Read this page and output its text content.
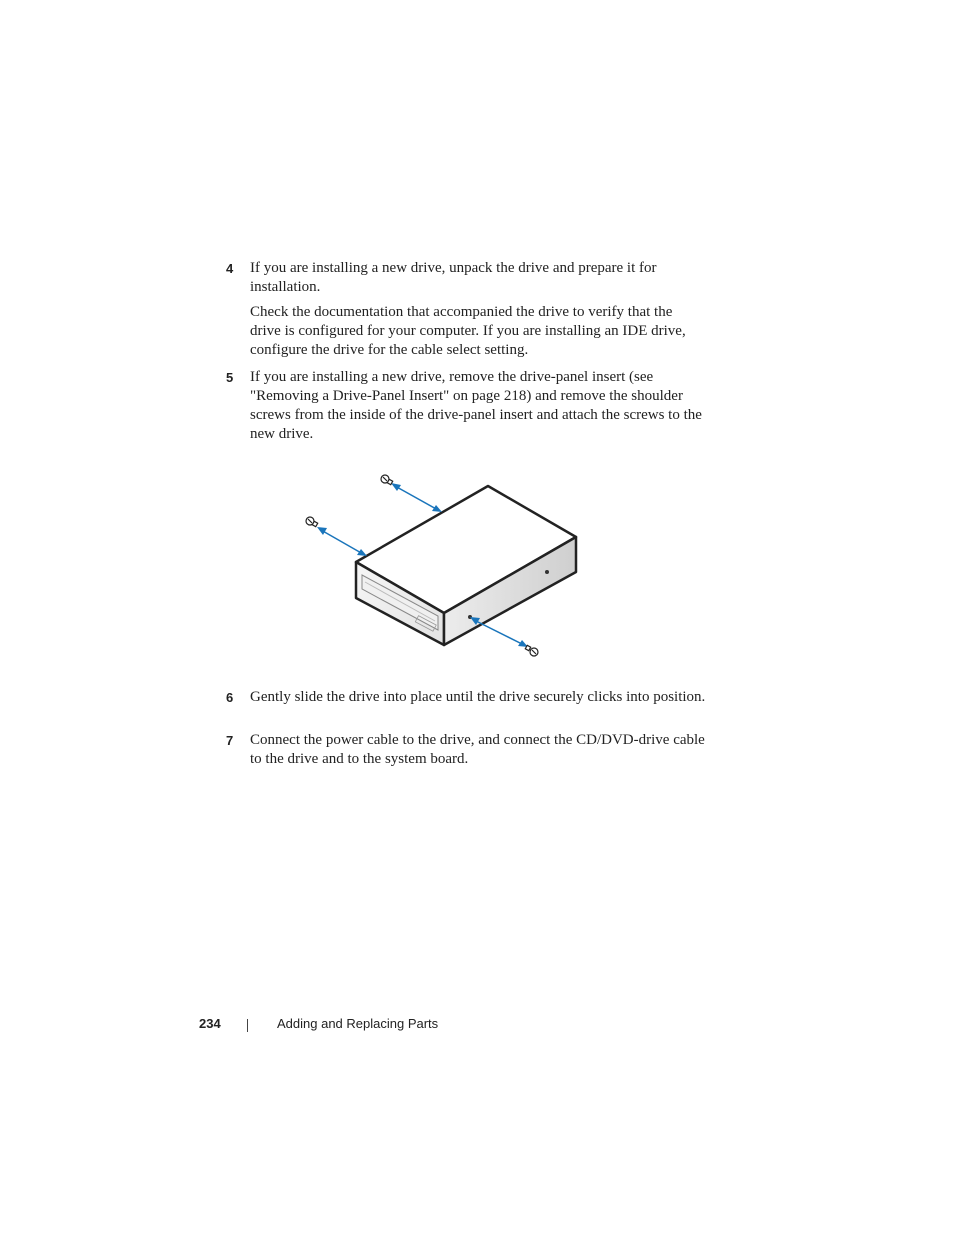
4	If you are installing a new drive, unpack the drive and prepare it for installation.

Check the documentation that accompanied the drive to verify that the drive is configured for your computer. If you are installing an IDE drive, configure the drive for the cable select setting.

5	If you are installing a new drive, remove the drive-panel insert (see "Removing a Drive-Panel Insert" on page 218) and remove the shoulder screws from the inside of the drive-panel insert and attach the screws to the new drive.

6	Gently slide the drive into place until the drive securely clicks into position.

7	Connect the power cable to the drive, and connect the CD/DVD-drive cable to the drive and to the system board.

234	Adding and Replacing Parts
